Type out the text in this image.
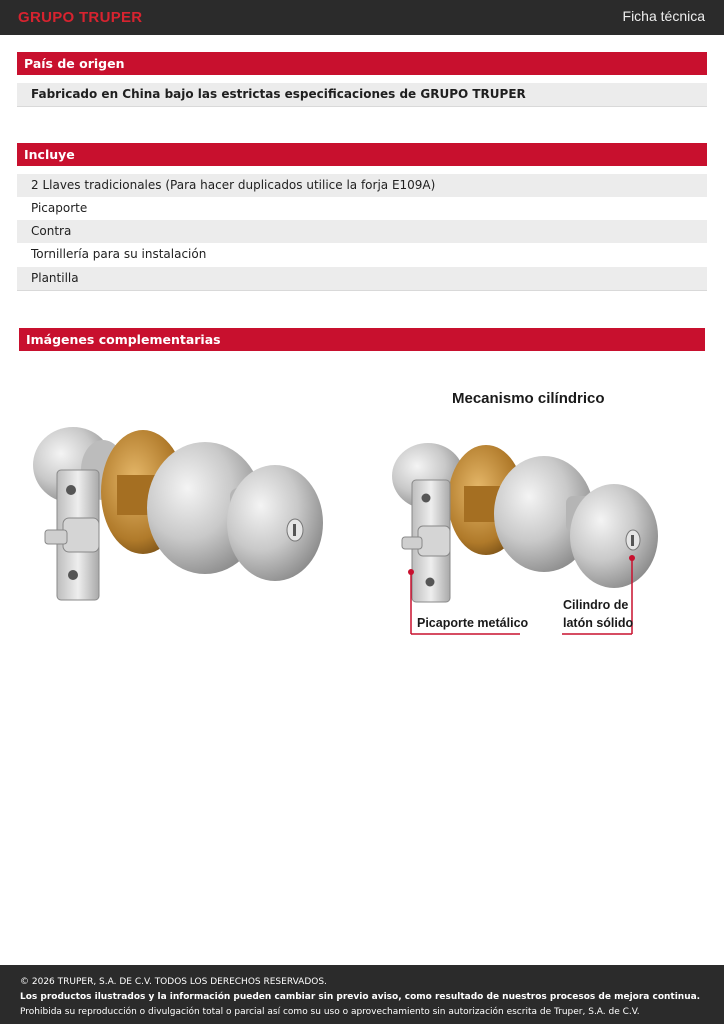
GRUPO TRUPER	Ficha técnica
País de origen
Fabricado en China bajo las estrictas especificaciones de GRUPO TRUPER
Incluye
2 Llaves tradicionales (Para hacer duplicados utilice la forja E109A)
Picaporte
Contra
Tornillería para su instalación
Plantilla
Imágenes complementarias
Mecanismo cilíndrico
Picaporte metálico
Cilindro de
latón sólido
© 2026 TRUPER, S.A. DE C.V. TODOS LOS DERECHOS RESERVADOS.
Los productos ilustrados y la información pueden cambiar sin previo aviso, como resultado de nuestros procesos de mejora continua.
Prohibida su reproducción o divulgación total o parcial así como su uso o aprovechamiento sin autorización escrita de Truper, S.A. de C.V.
